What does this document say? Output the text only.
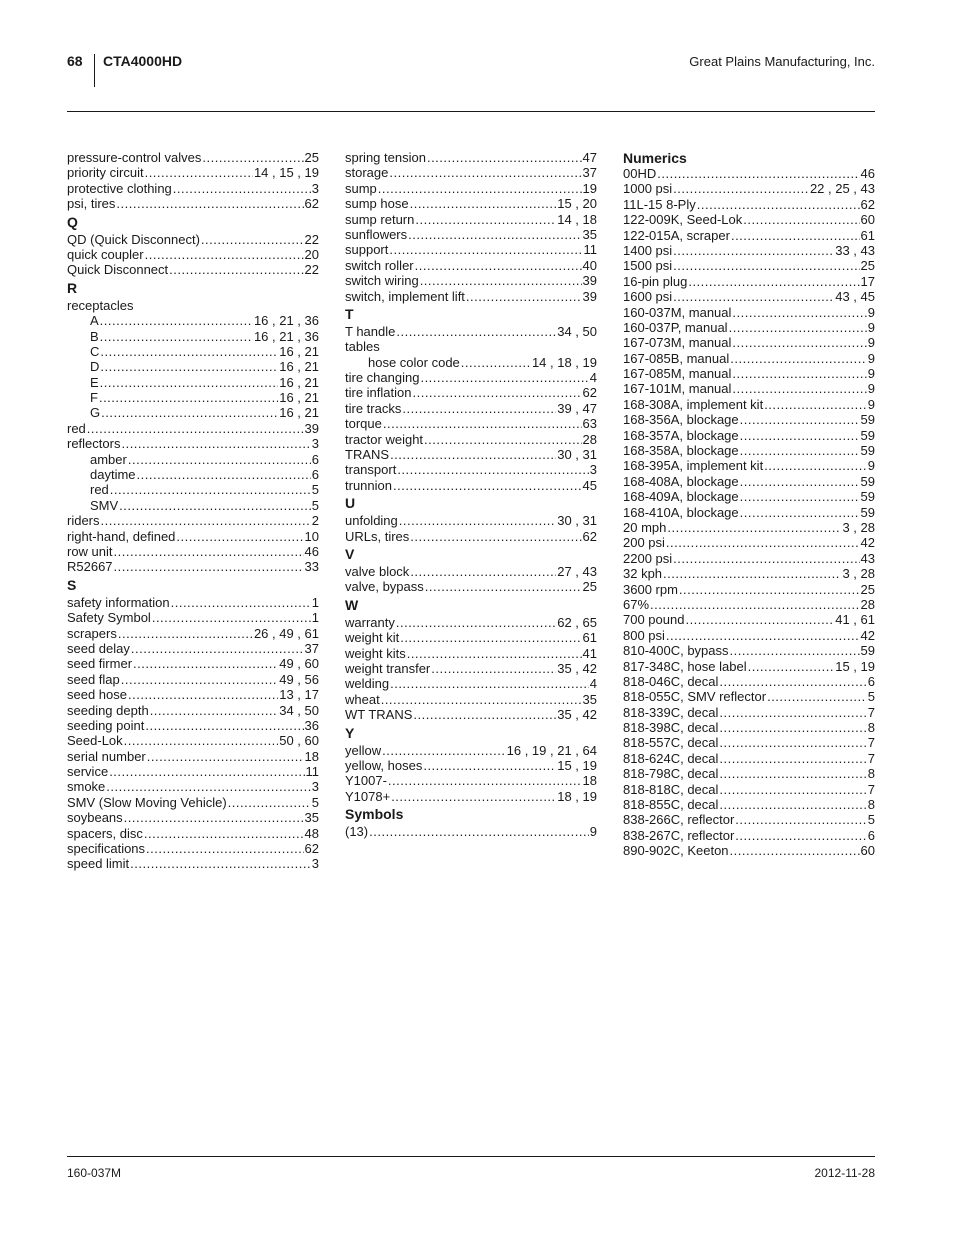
68 CTA4000HD	Great Plains Manufacturing, Inc.
pressure-control valves .....	25
priority circuit .....	14 , 15 , 19
protective clothing .....	3
psi, tires .....	62
Q
QD (Quick Disconnect) .....	22
quick coupler .....	20
Quick Disconnect .....	22
R
receptacles
A .....	16 , 21 , 36
B .....	16 , 21 , 36
C .....	16 , 21
D .....	16 , 21
E .....	16 , 21
F .....	16 , 21
G .....	16 , 21
red .....	39
reflectors .....	3
amber .....	6
daytime .....	6
red .....	5
SMV .....	5
riders .....	2
right-hand, defined .....	10
row unit .....	46
R52667 .....	33
S
safety information .....	1
Safety Symbol .....	1
scrapers .....	26 , 49 , 61
seed delay .....	37
seed firmer .....	49 , 60
seed flap .....	49 , 56
seed hose .....	13 , 17
seeding depth .....	34 , 50
seeding point .....	36
Seed-Lok .....	50 , 60
serial number .....	18
service .....	11
smoke .....	3
SMV (Slow Moving Vehicle) .....	5
soybeans .....	35
spacers, disc .....	48
specifications .....	62
speed limit .....	3
spring tension .....	47
storage .....	37
sump .....	19
sump hose .....	15 , 20
sump return .....	14 , 18
sunflowers .....	35
support .....	11
switch roller .....	40
switch wiring .....	39
switch, implement lift .....	39
T
T handle .....	34 , 50
tables
hose color code .....	14 , 18 , 19
tire changing .....	4
tire inflation .....	62
tire tracks .....	39 , 47
torque .....	63
tractor weight .....	28
TRANS .....	30 , 31
transport .....	3
trunnion .....	45
U
unfolding .....	30 , 31
URLs, tires .....	62
V
valve block .....	27 , 43
valve, bypass .....	25
W
warranty .....	62 , 65
weight kit .....	61
weight kits .....	41
weight transfer .....	35 , 42
welding .....	4
wheat .....	35
WT TRANS .....	35 , 42
Y
yellow .....	16 , 19 , 21 , 64
yellow, hoses .....	15 , 19
Y1007- .....	18
Y1078+ .....	18 , 19
Symbols
(13) .....	9
Numerics
00HD .....	46
1000 psi .....	22 , 25 , 43
11L-15 8-Ply .....	62
122-009K, Seed-Lok .....	60
122-015A, scraper .....	61
1400 psi .....	33 , 43
1500 psi .....	25
16-pin plug .....	17
1600 psi .....	43 , 45
160-037M, manual .....	9
160-037P, manual .....	9
167-073M, manual .....	9
167-085B, manual .....	9
167-085M, manual .....	9
167-101M, manual .....	9
168-308A, implement kit .....	9
168-356A, blockage .....	59
168-357A, blockage .....	59
168-358A, blockage .....	59
168-395A, implement kit .....	9
168-408A, blockage .....	59
168-409A, blockage .....	59
168-410A, blockage .....	59
20 mph .....	3 , 28
200 psi .....	42
2200 psi .....	43
32 kph .....	3 , 28
3600 rpm .....	25
67% .....	28
700 pound .....	41 , 61
800 psi .....	42
810-400C, bypass .....	59
817-348C, hose label .....	15 , 19
818-046C, decal .....	6
818-055C, SMV reflector .....	5
818-339C, decal .....	7
818-398C, decal .....	8
818-557C, decal .....	7
818-624C, decal .....	7
818-798C, decal .....	8
818-818C, decal .....	7
818-855C, decal .....	8
838-266C, reflector .....	5
838-267C, reflector .....	6
890-902C, Keeton .....	60
160-037M	2012-11-28
